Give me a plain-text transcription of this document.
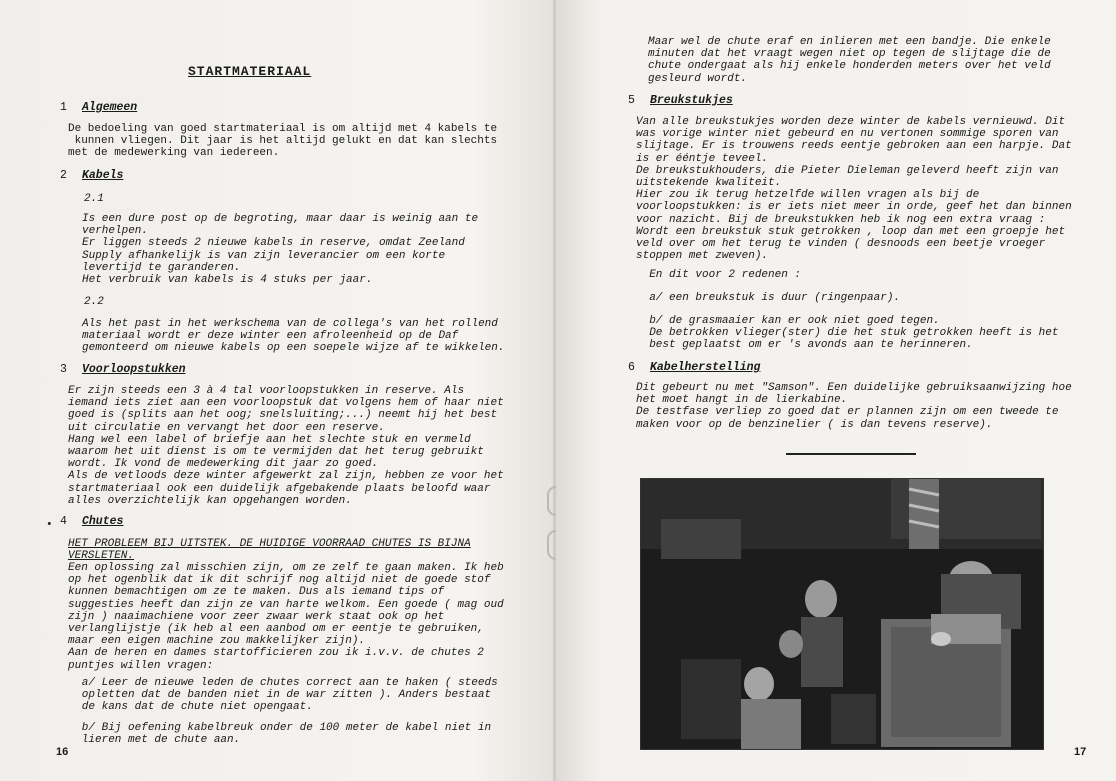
STARTMATERIAAL
1 Algemeen

De bedoeling van goed startmateriaal is om altijd met 4 kabels te
kunnen vliegen. Dit jaar is het altijd gelukt en dat kan slechts
met de medewerking van iedereen.

2 Kabels

2.1

Is een dure post op de begroting, maar daar is weinig aan te
verhelpen.
Er liggen steeds 2 nieuwe kabels in reserve, omdat Zeeland
Supply afhankelijk is van zijn leverancier om een korte
levertijd te garanderen.
Het verbruik van kabels is 4 stuks per jaar.

2.2

Als het past in het werkschema van de collega's van het rollend
materiaal wordt er deze winter een afroleenheid op de Daf
gemonteerd om nieuwe kabels op een soepele wijze af te wikkelen.

3 Voorloopstukken

Er zijn steeds een 3 à 4 tal voorloopstukken in reserve. Als
iemand iets ziet aan een voorloopstuk dat volgens hem of haar niet
goed is (splits aan het oog; snelsluiting;...) neemt hij het best
uit circulatie en vervangt het door een reserve.
Hang wel een label of briefje aan het slechte stuk en vermeld
waarom het uit dienst is om te vermijden dat het terug gebruikt
wordt. Ik vond de medewerking dit jaar zo goed.
Als de vetloods deze winter afgewerkt zal zijn, hebben ze voor het
startmateriaal ook een duidelijk afgebakende plaats beloofd waar
alles overzichtelijk kan opgehangen worden.

• 4 Chutes

HET PROBLEEM BIJ UITSTEK. DE HUIDIGE VOORRAAD CHUTES IS BIJNA
VERSLETEN.

Een oplossing zal misschien zijn, om ze zelf te gaan maken. Ik heb
op het ogenblik dat ik dit schrijf nog altijd niet de goede stof
kunnen bemachtigen om ze te maken. Dus als iemand tips of
suggesties heeft dan zijn ze van harte welkom. Een goede ( mag oud
zijn ) naaimachiene voor zeer zwaar werk staat ook op het
verlanglijstje (ik heb al een aanbod om er eentje te gebruiken,
maar een eigen machine zou makkelijker zijn).
Aan de heren en dames startofficieren zou ik i.v.v. de chutes 2
puntjes willen vragen:

a/ Leer de nieuwe leden de chutes correct aan te haken ( steeds
opletten dat de banden niet in de war zitten ). Anders bestaat
de kans dat de chute niet opengaat.

b/ Bij oefening kabelbreuk onder de 100 meter de kabel niet in
lieren met de chute aan.

16

Maar wel de chute eraf en inlieren met een bandje. Die enkele
minuten dat het vraagt wegen niet op tegen de slijtage die de
chute ondergaat als hij enkele honderden meters over het veld
gesleurd wordt.

5 Breukstukjes

Van alle breukstukjes worden deze winter de kabels vernieuwd. Dit
was vorige winter niet gebeurd en nu vertonen sommige sporen van
slijtage. Er is trouwens reeds eentje gebroken aan een harpje. Dat
is er ééntje teveel.
De breukstukhouders, die Pieter Dieleman geleverd heeft zijn van
uitstekende kwaliteit.
Hier zou ik terug hetzelfde willen vragen als bij de
voorloopstukken: is er iets niet meer in orde, geef het dan binnen
voor nazicht. Bij de breukstukken heb ik nog een extra vraag :
Wordt een breukstuk stuk getrokken , loop dan met een groepje het
veld over om het terug te vinden ( desnoods een beetje vroeger
stoppen met zweven).

En dit voor 2 redenen :

a/ een breukstuk is duur (ringenpaar).

b/ de grasmaaier kan er ook niet goed tegen.
De betrokken vlieger(ster) die het stuk getrokken heeft is het
best geplaatst om er 's avonds aan te herinneren.

6 Kabelherstelling

Dit gebeurt nu met "Samson". Een duidelijke gebruiksaanwijzing hoe
het moet hangt in de lierkabine.
De testfase verliep zo goed dat er plannen zijn om een tweede te
maken voor op de benzinelier ( is dan tevens reserve).

17
